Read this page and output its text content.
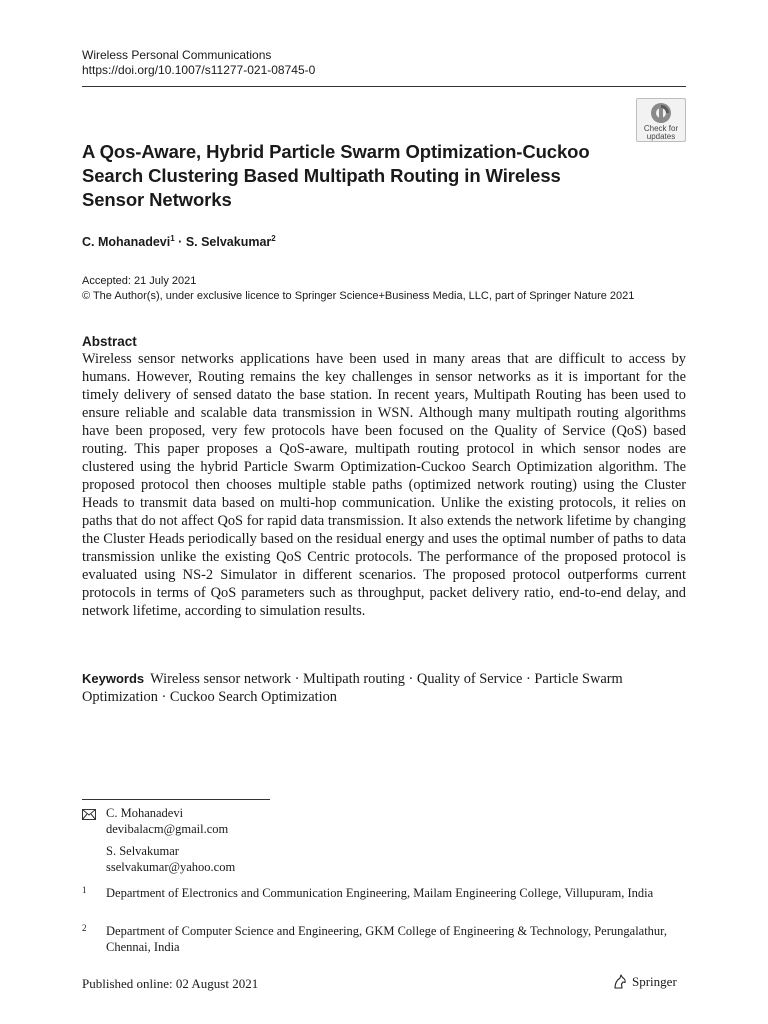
Wireless Personal Communications
https://doi.org/10.1007/s11277-021-08745-0
Check for
updates
A Qos-Aware, Hybrid Particle Swarm Optimization-Cuckoo Search Clustering Based Multipath Routing in Wireless Sensor Networks
C. Mohanadevi$^1$ · S. Selvakumar$^2$
Accepted: 21 July 2021
© The Author(s), under exclusive licence to Springer Science+Business Media, LLC, part of Springer Nature 2021
Abstract

Wireless sensor networks applications have been used in many areas that are difficult to access by humans. However, Routing remains the key challenges in sensor networks as it is important for the timely delivery of sensed datato the base station. In recent years, Multipath Routing has been used to ensure reliable and scalable data transmission in WSN. Although many multipath routing algorithms have been proposed, very few protocols have been focused on the Quality of Service (QoS) based routing. This paper proposes a QoS-aware, multipath routing protocol in which sensor nodes are clustered using the hybrid Particle Swarm Optimization-Cuckoo Search Optimization algorithm. The proposed protocol then chooses multiple stable paths (optimized network routing) using the Cluster Heads to transmit data based on multi-hop communication. Unlike the existing protocols, it relies on paths that do not affect QoS for rapid data transmission. It also extends the network lifetime by changing the Cluster Heads periodically based on the residual energy and uses the optimal number of paths to data transmission unlike the existing QoS Centric protocols. The performance of the proposed protocol is evaluated using NS-2 Simulator in different scenarios. The proposed protocol outperforms current protocols in terms of QoS parameters such as throughput, packet delivery ratio, end-to-end delay, and network lifetime, according to simulation results.

Keywords Wireless sensor network · Multipath routing · Quality of Service · Particle Swarm Optimization · Cuckoo Search Optimization

C. Mohanadevi
devibalacm@gmail.com
S. Selvakumar
sselvakumar@yahoo.com
1 Department of Electronics and Communication Engineering, Mailam Engineering College, Villupuram, India
2 Department of Computer Science and Engineering, GKM College of Engineering & Technology, Perungalathur, Chennai, India
Published online: 02 August 2021	Springer
